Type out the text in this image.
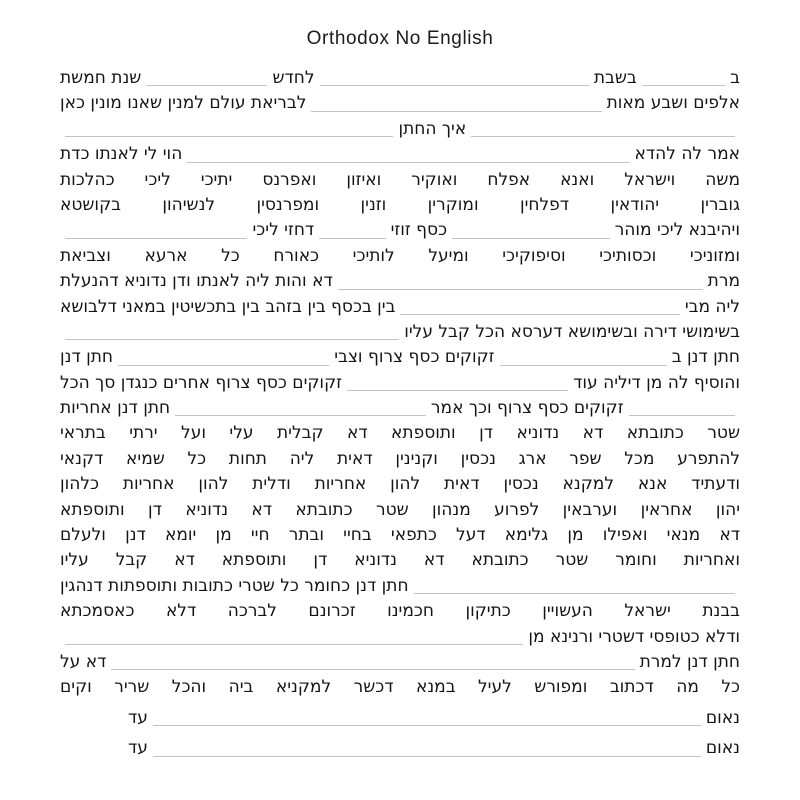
Orthodox No English
ב
בשבת
לחדש
שנת חמשת
אלפים ושבע מאות
לבריאת עולם למנין שאנו מונין כאן
איך החתן
אמר לה להדא
הוי לי לאנתו כדת
משה וישראל ואנא אפלח ואוקיר ואיזון ואפרנס יתיכי ליכי כהלכות
גוברין יהודאין דפלחין ומוקרין וזנין ומפרנסין לנשיהון בקושטא
ויהיבנא ליכי מוהר
כסף זוזי
דחזי ליכי
ומזוניכי וכסותיכי וסיפוקיכי ומיעל לותיכי כאורח כל ארעא וצביאת
מרת
דא והות ליה לאנתו ודן נדוניא דהנעלת
ליה מבי
בין בכסף בין בזהב בין בתכשיטין במאני דלבושא
בשימושי דירה ובשימושא דערסא הכל קבל עליו
חתן דנן ב
זקוקים כסף צרוף וצבי
חתן דנן
והוסיף לה מן דיליה עוד
זקוקים כסף צרוף אחרים כנגדן סך הכל
זקוקים כסף צרוף וכך אמר
חתן דנן אחריות
שטר כתובתא דא נדוניא דן ותוספתא דא קבלית עלי ועל ירתי בתראי
להתפרע מכל שפר ארג נכסין וקנינין דאית ליה תחות כל שמיא דקנאי
ודעתיד אנא למקנא נכסין דאית להון אחריות ודלית להון אחריות כלהון
יהון אחראין וערבאין לפרוע מנהון שטר כתובתא דא נדוניא דן ותוספתא
דא מנאי ואפילו מן גלימא דעל כתפאי בחיי ובתר חיי מן יומא דנן ולעלם
ואחריות וחומר שטר כתובתא דא נדוניא דן ותוספתא דא קבל עליו
חתן דנן כחומר כל שטרי כתובות ותוספתות דנהגין
בבנת ישראל העשויין כתיקון חכמינו זכרונם לברכה דלא כאסמכתא
ודלא כטופסי דשטרי ורנינא מן
חתן דנן למרת
דא על
כל מה דכתוב ומפורש לעיל במנא דכשר למקניא ביה והכל שריר וקים
נאום
עד
נאום
עד
